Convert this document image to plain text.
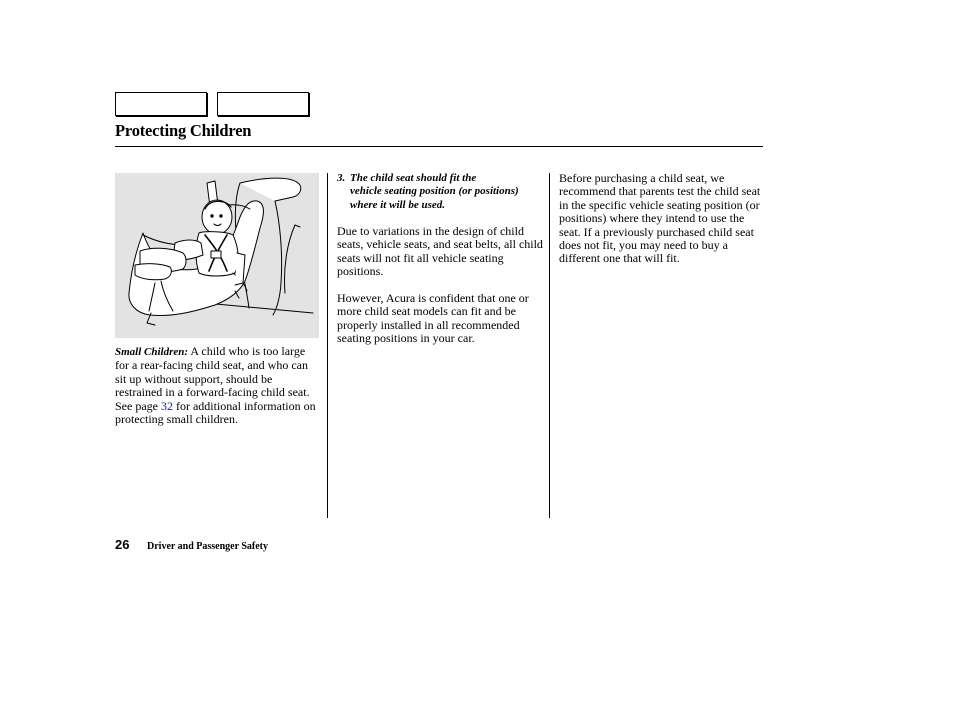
Protecting Children

Small Children: A child who is too large for a rear-facing child seat, and who can sit up without support, should be restrained in a forward-facing child seat. See page 32 for additional information on protecting small children.

3. The child seat should fit the
vehicle seating position (or positions) where it will be used.

Due to variations in the design of child seats, vehicle seats, and seat belts, all child seats will not fit all vehicle seating positions.

However, Acura is confident that one or more child seat models can fit and be properly installed in all recommended seating positions in your car.

Before purchasing a child seat, we recommend that parents test the child seat in the specific vehicle seating position (or positions) where they intend to use the seat. If a previously purchased child seat does not fit, you may need to buy a different one that will fit.

26 Driver and Passenger Safety
